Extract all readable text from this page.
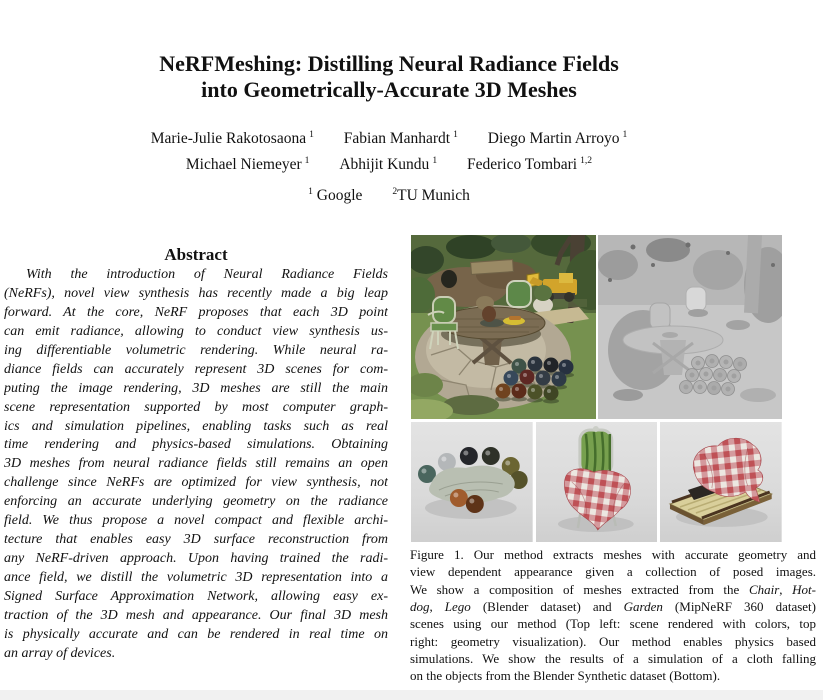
NeRFMeshing: Distilling Neural Radiance Fields
into Geometrically-Accurate 3D Meshes
Marie-Julie Rakotosaona $^1$ Fabian Manhardt $^1$ Diego Martin Arroyo $^1$
Michael Niemeyer $^1$ Abhijit Kundu $^1$ Federico Tombari $^{1,2}$
$^1$ Google	$^2$TU Munich
Abstract
With the introduction of Neural Radiance Fields
(NeRFs), novel view synthesis has recently made a big leap
forward. At the core, NeRF proposes that each 3D point
can emit radiance, allowing to conduct view synthesis us-
ing differentiable volumetric rendering. While neural ra-
diance fields can accurately represent 3D scenes for com-
puting the image rendering, 3D meshes are still the main
scene representation supported by most computer graph-
ics and simulation pipelines, enabling tasks such as real
time rendering and physics-based simulations. Obtaining
3D meshes from neural radiance fields still remains an open
challenge since NeRFs are optimized for view synthesis, not
enforcing an accurate underlying geometry on the radiance
field. We thus propose a novel compact and flexible archi-
tecture that enables easy 3D surface reconstruction from
any NeRF-driven approach. Upon having trained the radi-
ance field, we distill the volumetric 3D representation into a
Signed Surface Approximation Network, allowing easy ex-
traction of the 3D mesh and appearance. Our final 3D mesh
is physically accurate and can be rendered in real time on
an array of devices.
Figure 1. Our method extracts meshes with accurate geometry and
view dependent appearance given a collection of posed images.
We show a composition of meshes extracted from the Chair, Hot-
dog, Lego (Blender dataset) and Garden (MipNeRF 360 dataset)
scenes using our method (Top left: scene rendered with colors, top
right: geometry visualization). Our method enables physics based
simulations. We show the results of a simulation of a cloth falling
on the objects from the Blender Synthetic dataset (Bottom).
